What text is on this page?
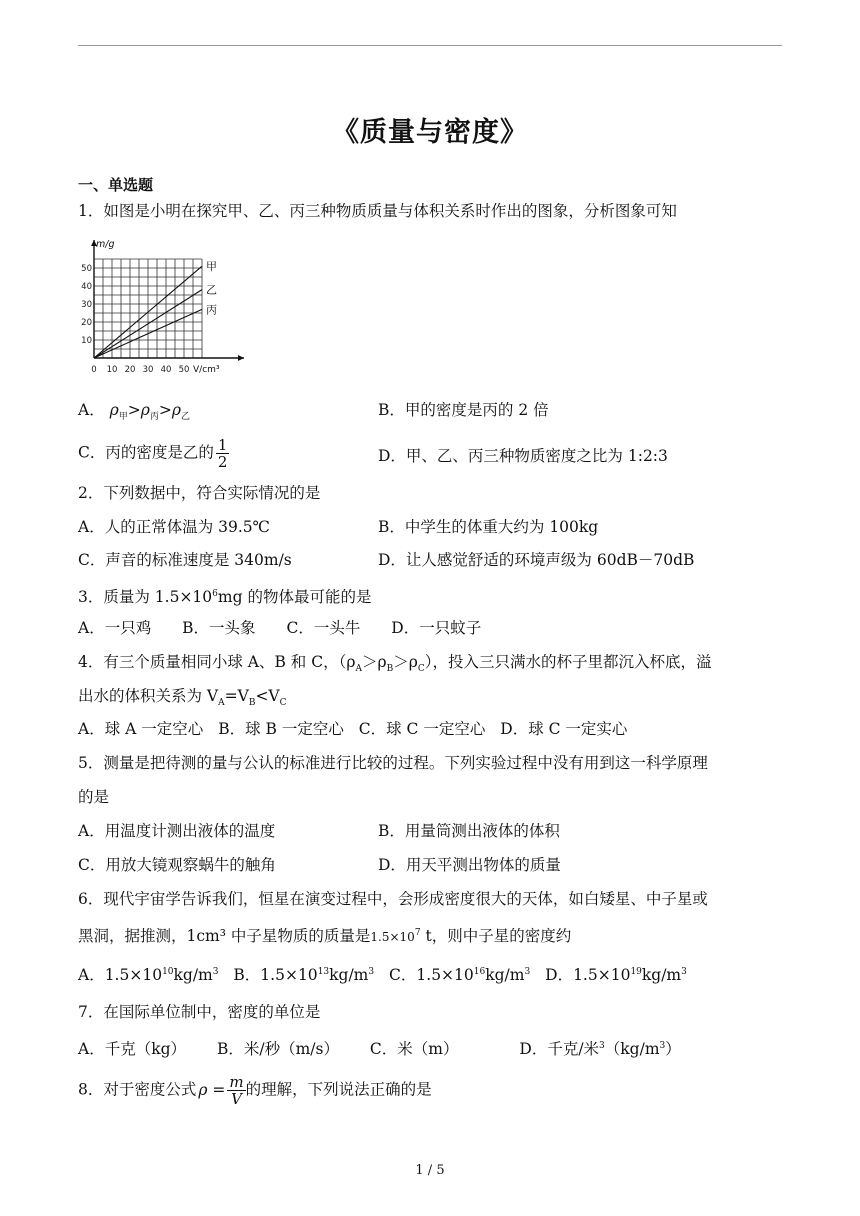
《质量与密度》
一、单选题
1．如图是小明在探究甲、乙、丙三种物质质量与体积关系时作出的图象，分析图象可知
10
20
30
40
50
0 10 20 30 40 50
m/g
V/cm³
甲
乙
丙
A． $\rho_甲>\rho_丙>\rho_乙$	B．甲的密度是丙的 2 倍
C．丙的密度是乙的 $\frac{1}{2}$	D．甲、乙、丙三种物质密度之比为 1:2:3
2．下列数据中，符合实际情况的是
A．人的正常体温为 39.5℃	B．中学生的体重大约为 100kg
C．声音的标准速度是 340m/s	D．让人感觉舒适的环境声级为 60dB－70dB
3．质量为 $1.5\times 10^6mg$ 的物体最可能的是
A．一只鸡 B．一头象 C．一头牛 D．一只蚊子
4．有三个质量相同小球 A、B 和 C，$(\rho_A>\rho_B>\rho_C)$，投入三只满水的杯子里都沉入杯底，溢
出水的体积关系为 $V_A=V_B<V_C$
A．球 A 一定空心 B．球 B 一定空心 C．球 C 一定空心 D．球 C 一定实心
5．测量是把待测的量与公认的标准进行比较的过程。下列实验过程中没有用到这一科学原理
的是
A．用温度计测出液体的温度	B．用量筒测出液体的体积
C．用放大镜观察蜗牛的触角	D．用天平测出物体的质量
6．现代宇宙学告诉我们，恒星在演变过程中，会形成密度很大的天体，如白矮星、中子星或
黑洞，据推测，1cm³ 中子星物质的质量是$1.5\times 10^7$ t，则中子星的密度约
A．$1.5\times 10^{10}kg/m^3$ B．$1.5\times 10^{13}kg/m^3$ C．$1.5\times 10^{16}kg/m^3$ D．$1.5\times 10^{19}kg/m^3$
7．在国际单位制中，密度的单位是
A．千克（kg） B．米/秒（m/s） C．米（m）	D．千克/米$^3(kg/m^3)$
8．对于密度公式 $\rho = \frac{m}{V}$ 的理解，下列说法正确的是
1 / 5
